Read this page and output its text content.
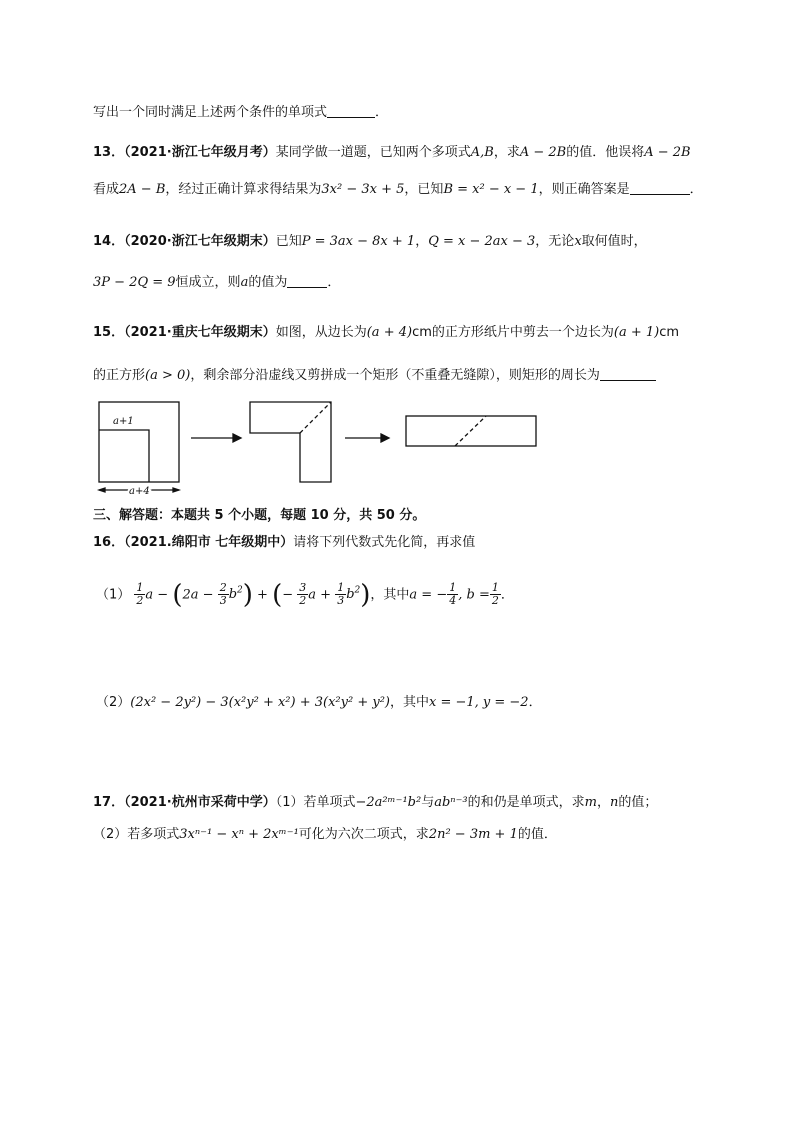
写出一个同时满足上述两个条件的单项式	．
13．（2021·浙江七年级月考）某同学做一道题，已知两个多项式A,B，求A − 2B的值．他误将A − 2B
看成2A − B，经过正确计算求得结果为3x² − 3x + 5，已知B = x² − x − 1，则正确答案是	．
14．（2020·浙江七年级期末）已知P = 3ax − 8x + 1，Q = x − 2ax − 3，无论x取何值时，
3P − 2Q = 9恒成立，则a的值为	．
15．（2021·重庆七年级期末）如图，从边长为(a + 4)cm的正方形纸片中剪去一个边长为(a + 1)cm
的正方形(a > 0)，剩余部分沿虚线又剪拼成一个矩形（不重叠无缝隙），则矩形的周长为
a+1
a+4
三、解答题：本题共 5 个小题，每题 10 分，共 50 分。
16．（2021.绵阳市 七年级期中）请将下列代数式先化简，再求值
$(1) \frac{1}{2}$ $a - (2a - \frac{2}{3} b^2)$ + (− $\frac{3}{2}$ $a + \frac{1}{3} b^2$)，其中a = − $\frac{1}{4}$ , $b = \frac{1}{2}$ ．
（2）(2x² − 2y²) − 3(x²y² + x²) + 3(x²y² + y²)，其中x = −1, y = −2．
17．（2021·杭州市采荷中学）（1）若单项式−2a²ᵐ⁻¹b²与abⁿ⁻³的和仍是单项式，求m，n的值；
（2）若多项式3xⁿ⁻¹ − xⁿ + 2xᵐ⁻¹可化为六次二项式，求2n² − 3m + 1的值．
